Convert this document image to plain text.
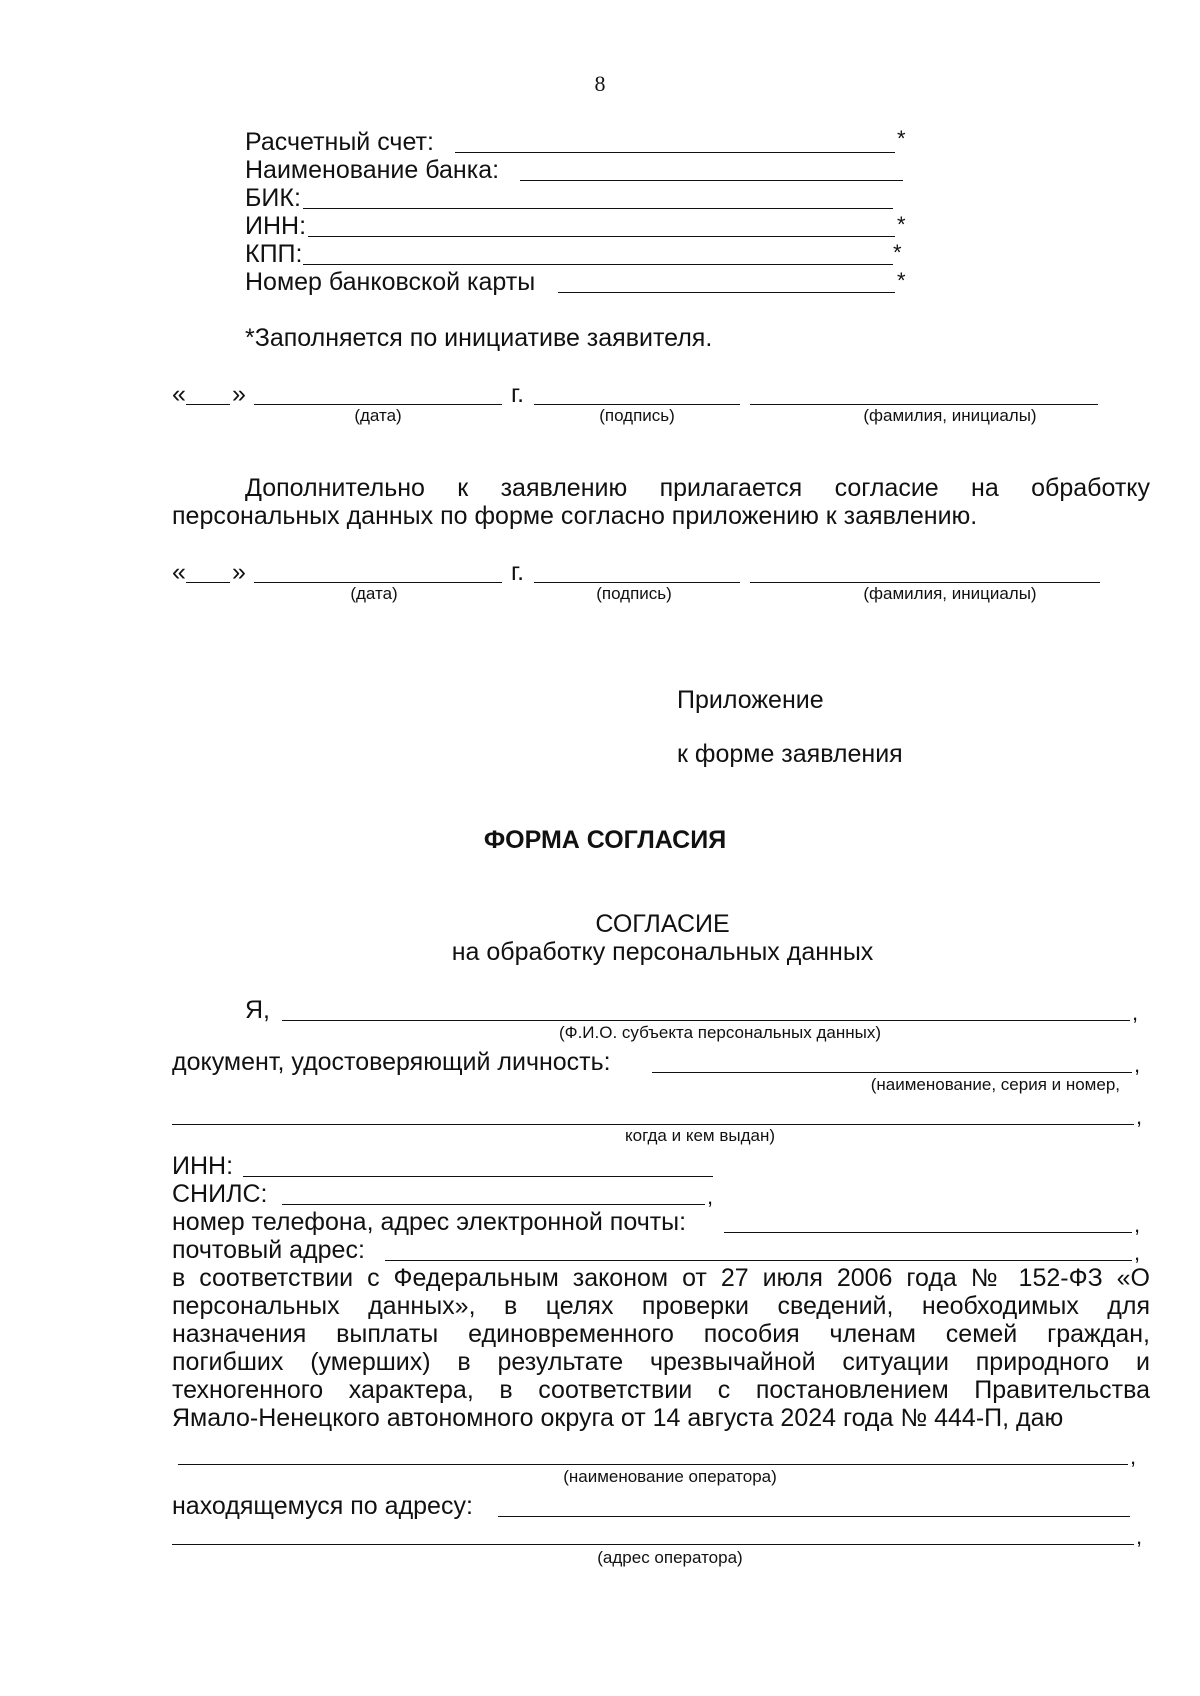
8
Расчетный счет:	*
Наименование банка:
БИК:
ИНН:	*
КПП:	*
Номер банковской карты	*
*Заполняется по инициативе заявителя.
« »	г.
(дата)	(подпись)	(фамилия, инициалы)
Дополнительно к заявлению прилагается согласие на обработку
персональных данных по форме согласно приложению к заявлению.
« »	г.
(дата)	(подпись)	(фамилия, инициалы)
Приложение
к форме заявления
ФОРМА СОГЛАСИЯ
СОГЛАСИЕ
на обработку персональных данных
Я,	,
(Ф.И.О. субъекта персональных данных)
документ, удостоверяющий личность:	,
(наименование, серия и номер,
,
когда и кем выдан)
ИНН:
СНИЛС:	,
номер телефона, адрес электронной почты:	,
почтовый адрес:	,
в соответствии с Федеральным законом от 27 июля 2006 года № 152-ФЗ «О
персональных данных», в целях проверки сведений, необходимых для
назначения выплаты единовременного пособия членам семей граждан,
погибших (умерших) в результате чрезвычайной ситуации природного и
техногенного характера, в соответствии с постановлением Правительства
Ямало-Ненецкого автономного округа от 14 августа 2024 года № 444-П, даю
,
(наименование оператора)
находящемуся по адресу:
,
(адрес оператора)
